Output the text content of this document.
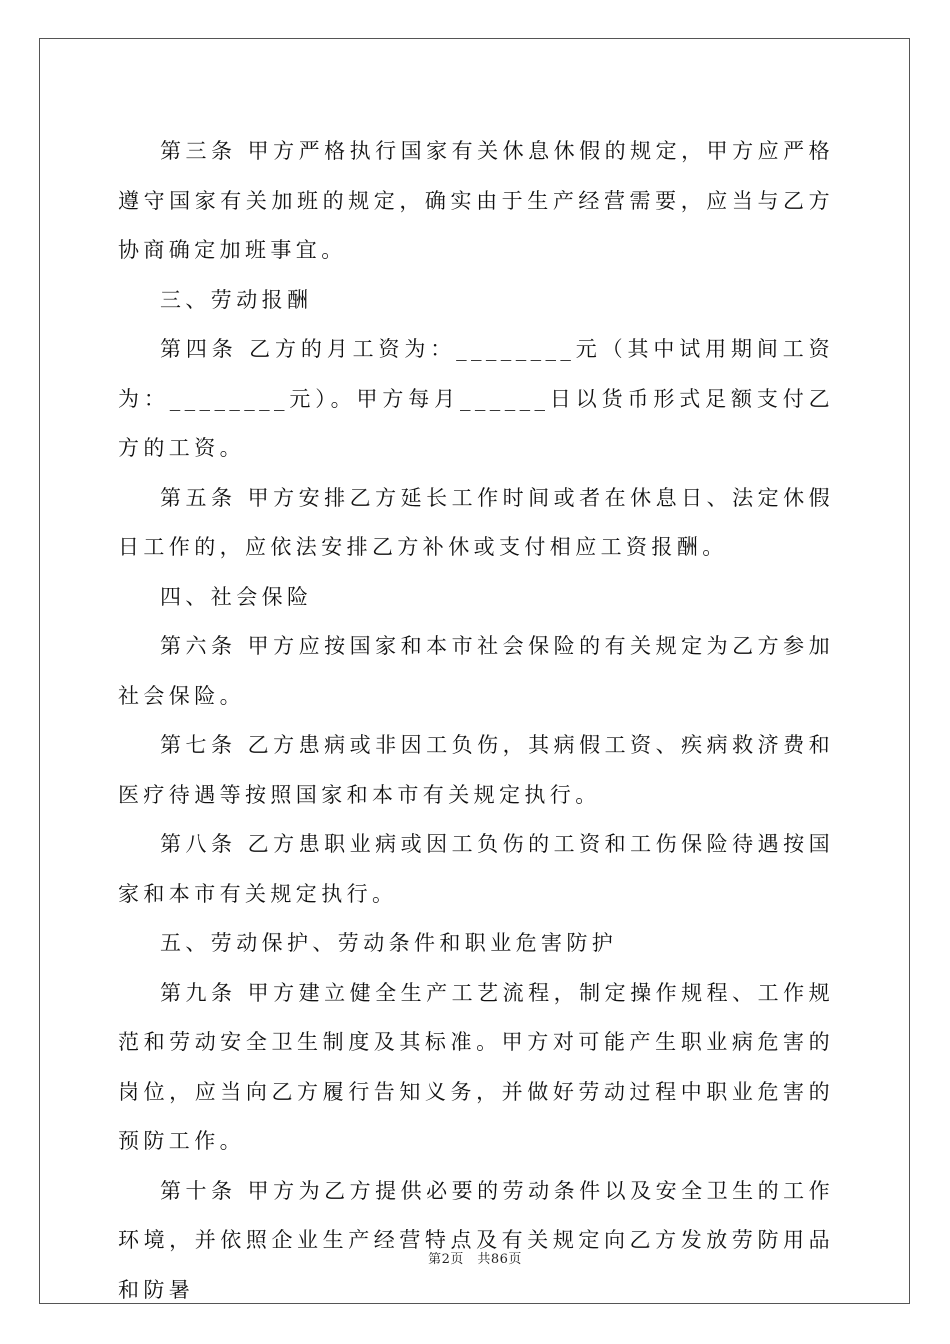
第三条 甲方严格执行国家有关休息休假的规定，甲方应严格遵守国家有关加班的规定，确实由于生产经营需要，应当与乙方协商确定加班事宜。

三、劳动报酬

第四条 乙方的月工资为：________元（其中试用期间工资为：________元）。甲方每月______日以货币形式足额支付乙方的工资。

第五条 甲方安排乙方延长工作时间或者在休息日、法定休假日工作的，应依法安排乙方补休或支付相应工资报酬。

四、社会保险

第六条 甲方应按国家和本市社会保险的有关规定为乙方参加社会保险。

第七条 乙方患病或非因工负伤，其病假工资、疾病救济费和医疗待遇等按照国家和本市有关规定执行。

第八条 乙方患职业病或因工负伤的工资和工伤保险待遇按国家和本市有关规定执行。

五、劳动保护、劳动条件和职业危害防护

第九条 甲方建立健全生产工艺流程，制定操作规程、工作规范和劳动安全卫生制度及其标准。甲方对可能产生职业病危害的岗位，应当向乙方履行告知义务，并做好劳动过程中职业危害的预防工作。

第十条 甲方为乙方提供必要的劳动条件以及安全卫生的工作环境，并依照企业生产经营特点及有关规定向乙方发放劳防用品和防暑

第2页　共86页
